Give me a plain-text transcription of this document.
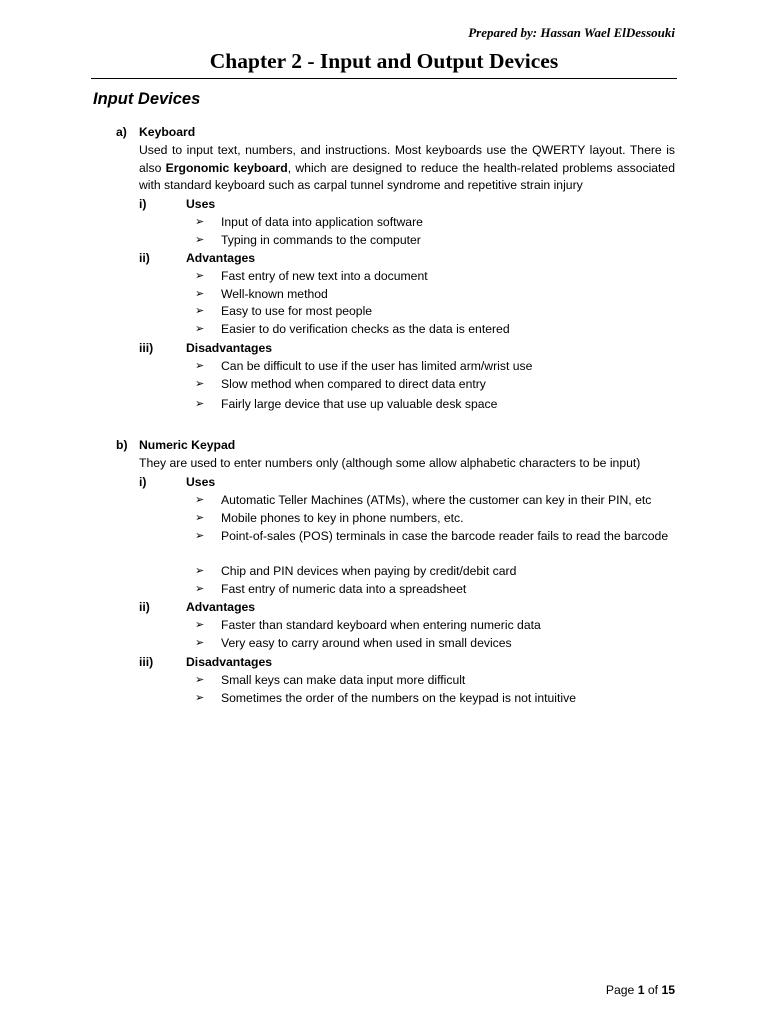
Prepared by: Hassan Wael ElDessouki
Chapter 2 - Input and Output Devices
Input Devices
a) Keyboard
Used to input text, numbers, and instructions. Most keyboards use the QWERTY layout. There is also Ergonomic keyboard, which are designed to reduce the health-related problems associated with standard keyboard such as carpal tunnel syndrome and repetitive strain injury
i)	Uses
➢ Input of data into application software
➢ Typing in commands to the computer
ii)	Advantages
➢ Fast entry of new text into a document
➢ Well-known method
➢ Easy to use for most people
➢ Easier to do verification checks as the data is entered
iii)	Disadvantages
➢ Can be difficult to use if the user has limited arm/wrist use
➢ Slow method when compared to direct data entry
➢ Fairly large device that use up valuable desk space
b) Numeric Keypad
They are used to enter numbers only (although some allow alphabetic characters to be input)
i)	Uses
➢ Automatic Teller Machines (ATMs), where the customer can key in their PIN, etc
➢ Mobile phones to key in phone numbers, etc.
➢ Point-of-sales (POS) terminals in case the barcode reader fails to read the barcode
➢ Chip and PIN devices when paying by credit/debit card
➢ Fast entry of numeric data into a spreadsheet
ii)	Advantages
➢ Faster than standard keyboard when entering numeric data
➢ Very easy to carry around when used in small devices
iii)	Disadvantages
➢ Small keys can make data input more difficult
➢ Sometimes the order of the numbers on the keypad is not intuitive
Page 1 of 15
